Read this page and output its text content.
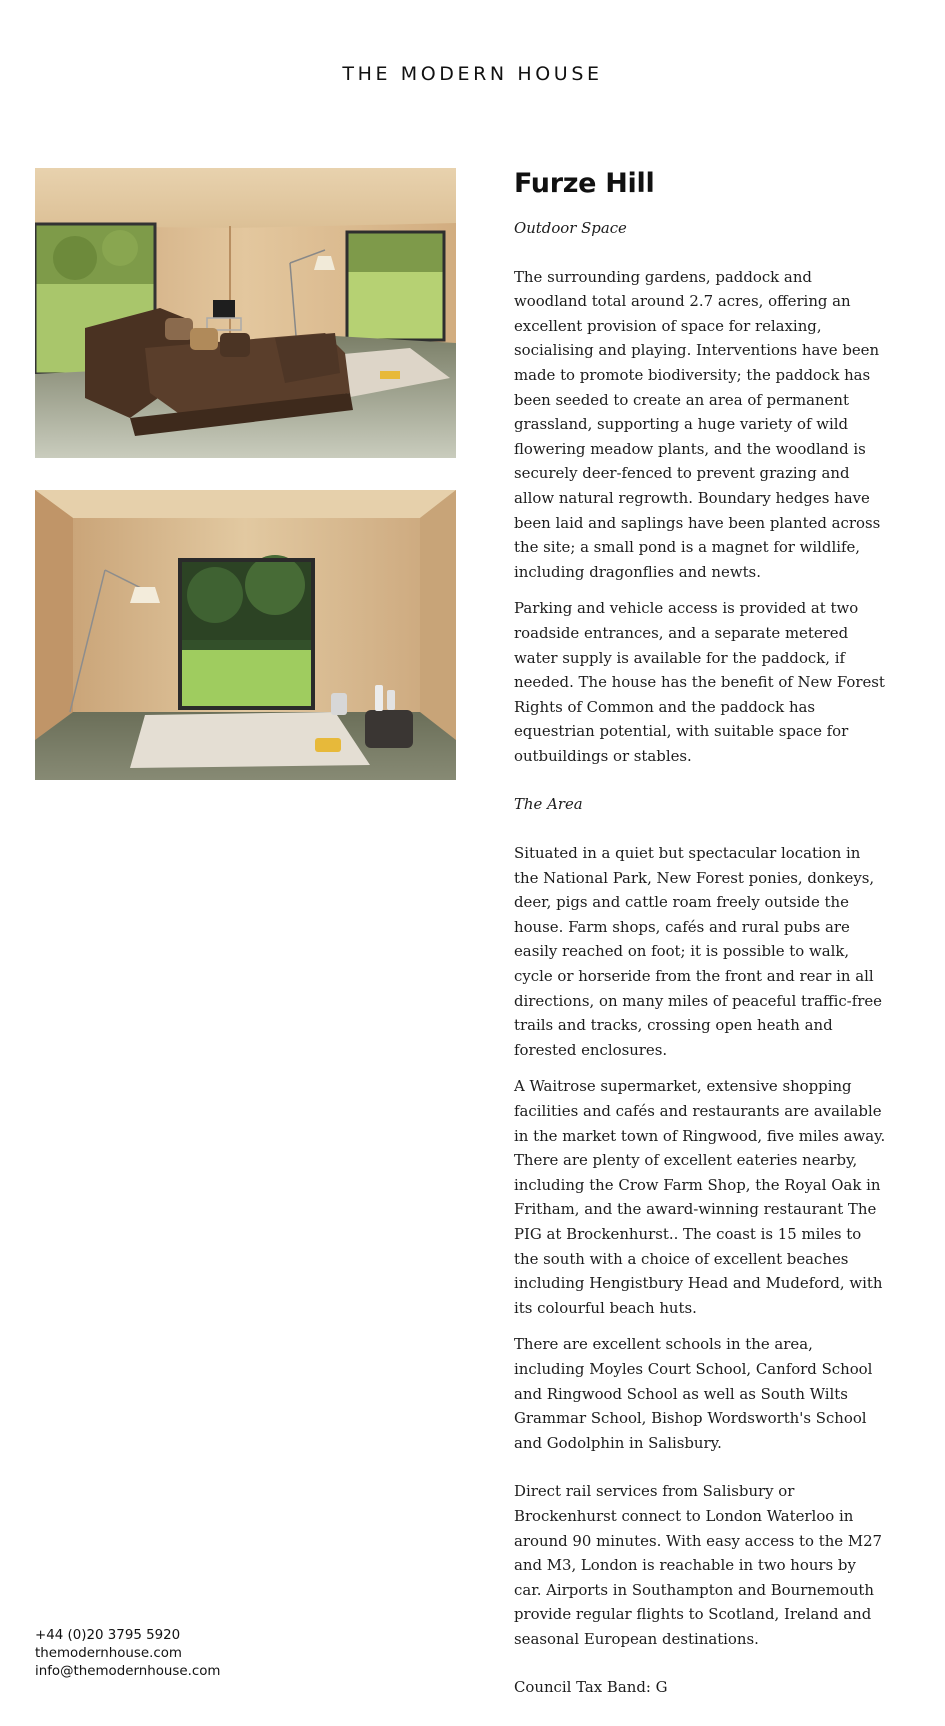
THE MODERN HOUSE
Furze Hill
Outdoor Space

The surrounding gardens, paddock and woodland total around 2.7 acres, offering an excellent provision of space for relaxing, socialising and playing. Interventions have been made to promote biodiversity; the paddock has been seeded to create an area of permanent grassland, supporting a huge variety of wild flowering meadow plants, and the woodland is securely deer-fenced to prevent grazing and allow natural regrowth. Boundary hedges have been laid and saplings have been planted across the site; a small pond is a magnet for wildlife, including dragonflies and newts.

Parking and vehicle access is provided at two roadside entrances, and a separate metered water supply is available for the paddock, if needed. The house has the benefit of New Forest Rights of Common and the paddock has equestrian potential, with suitable space for outbuildings or stables.

The Area

Situated in a quiet but spectacular location in the National Park, New Forest ponies, donkeys, deer, pigs and cattle roam freely outside the house. Farm shops, cafés and rural pubs are easily reached on foot; it is possible to walk, cycle or horseride from the front and rear in all directions, on many miles of peaceful traffic-free trails and tracks, crossing open heath and forested enclosures.

A Waitrose supermarket, extensive shopping facilities and cafés and restaurants are available in the market town of Ringwood, five miles away. There are plenty of excellent eateries nearby, including the Crow Farm Shop, the Royal Oak in Fritham, and the award-winning restaurant The PIG at Brockenhurst.. The coast is 15 miles to the south with a choice of excellent beaches including Hengistbury Head and Mudeford, with its colourful beach huts.

There are excellent schools in the area, including Moyles Court School, Canford School and Ringwood School as well as South Wilts Grammar School, Bishop Wordsworth's School and Godolphin in Salisbury.

Direct rail services from Salisbury or Brockenhurst connect to London Waterloo in around 90 minutes. With easy access to the M27 and M3, London is reachable in two hours by car. Airports in Southampton and Bournemouth provide regular flights to Scotland, Ireland and seasonal European destinations.

Council Tax Band: G

+44 (0)20 3795 5920
themodernhouse.com
info@themodernhouse.com
